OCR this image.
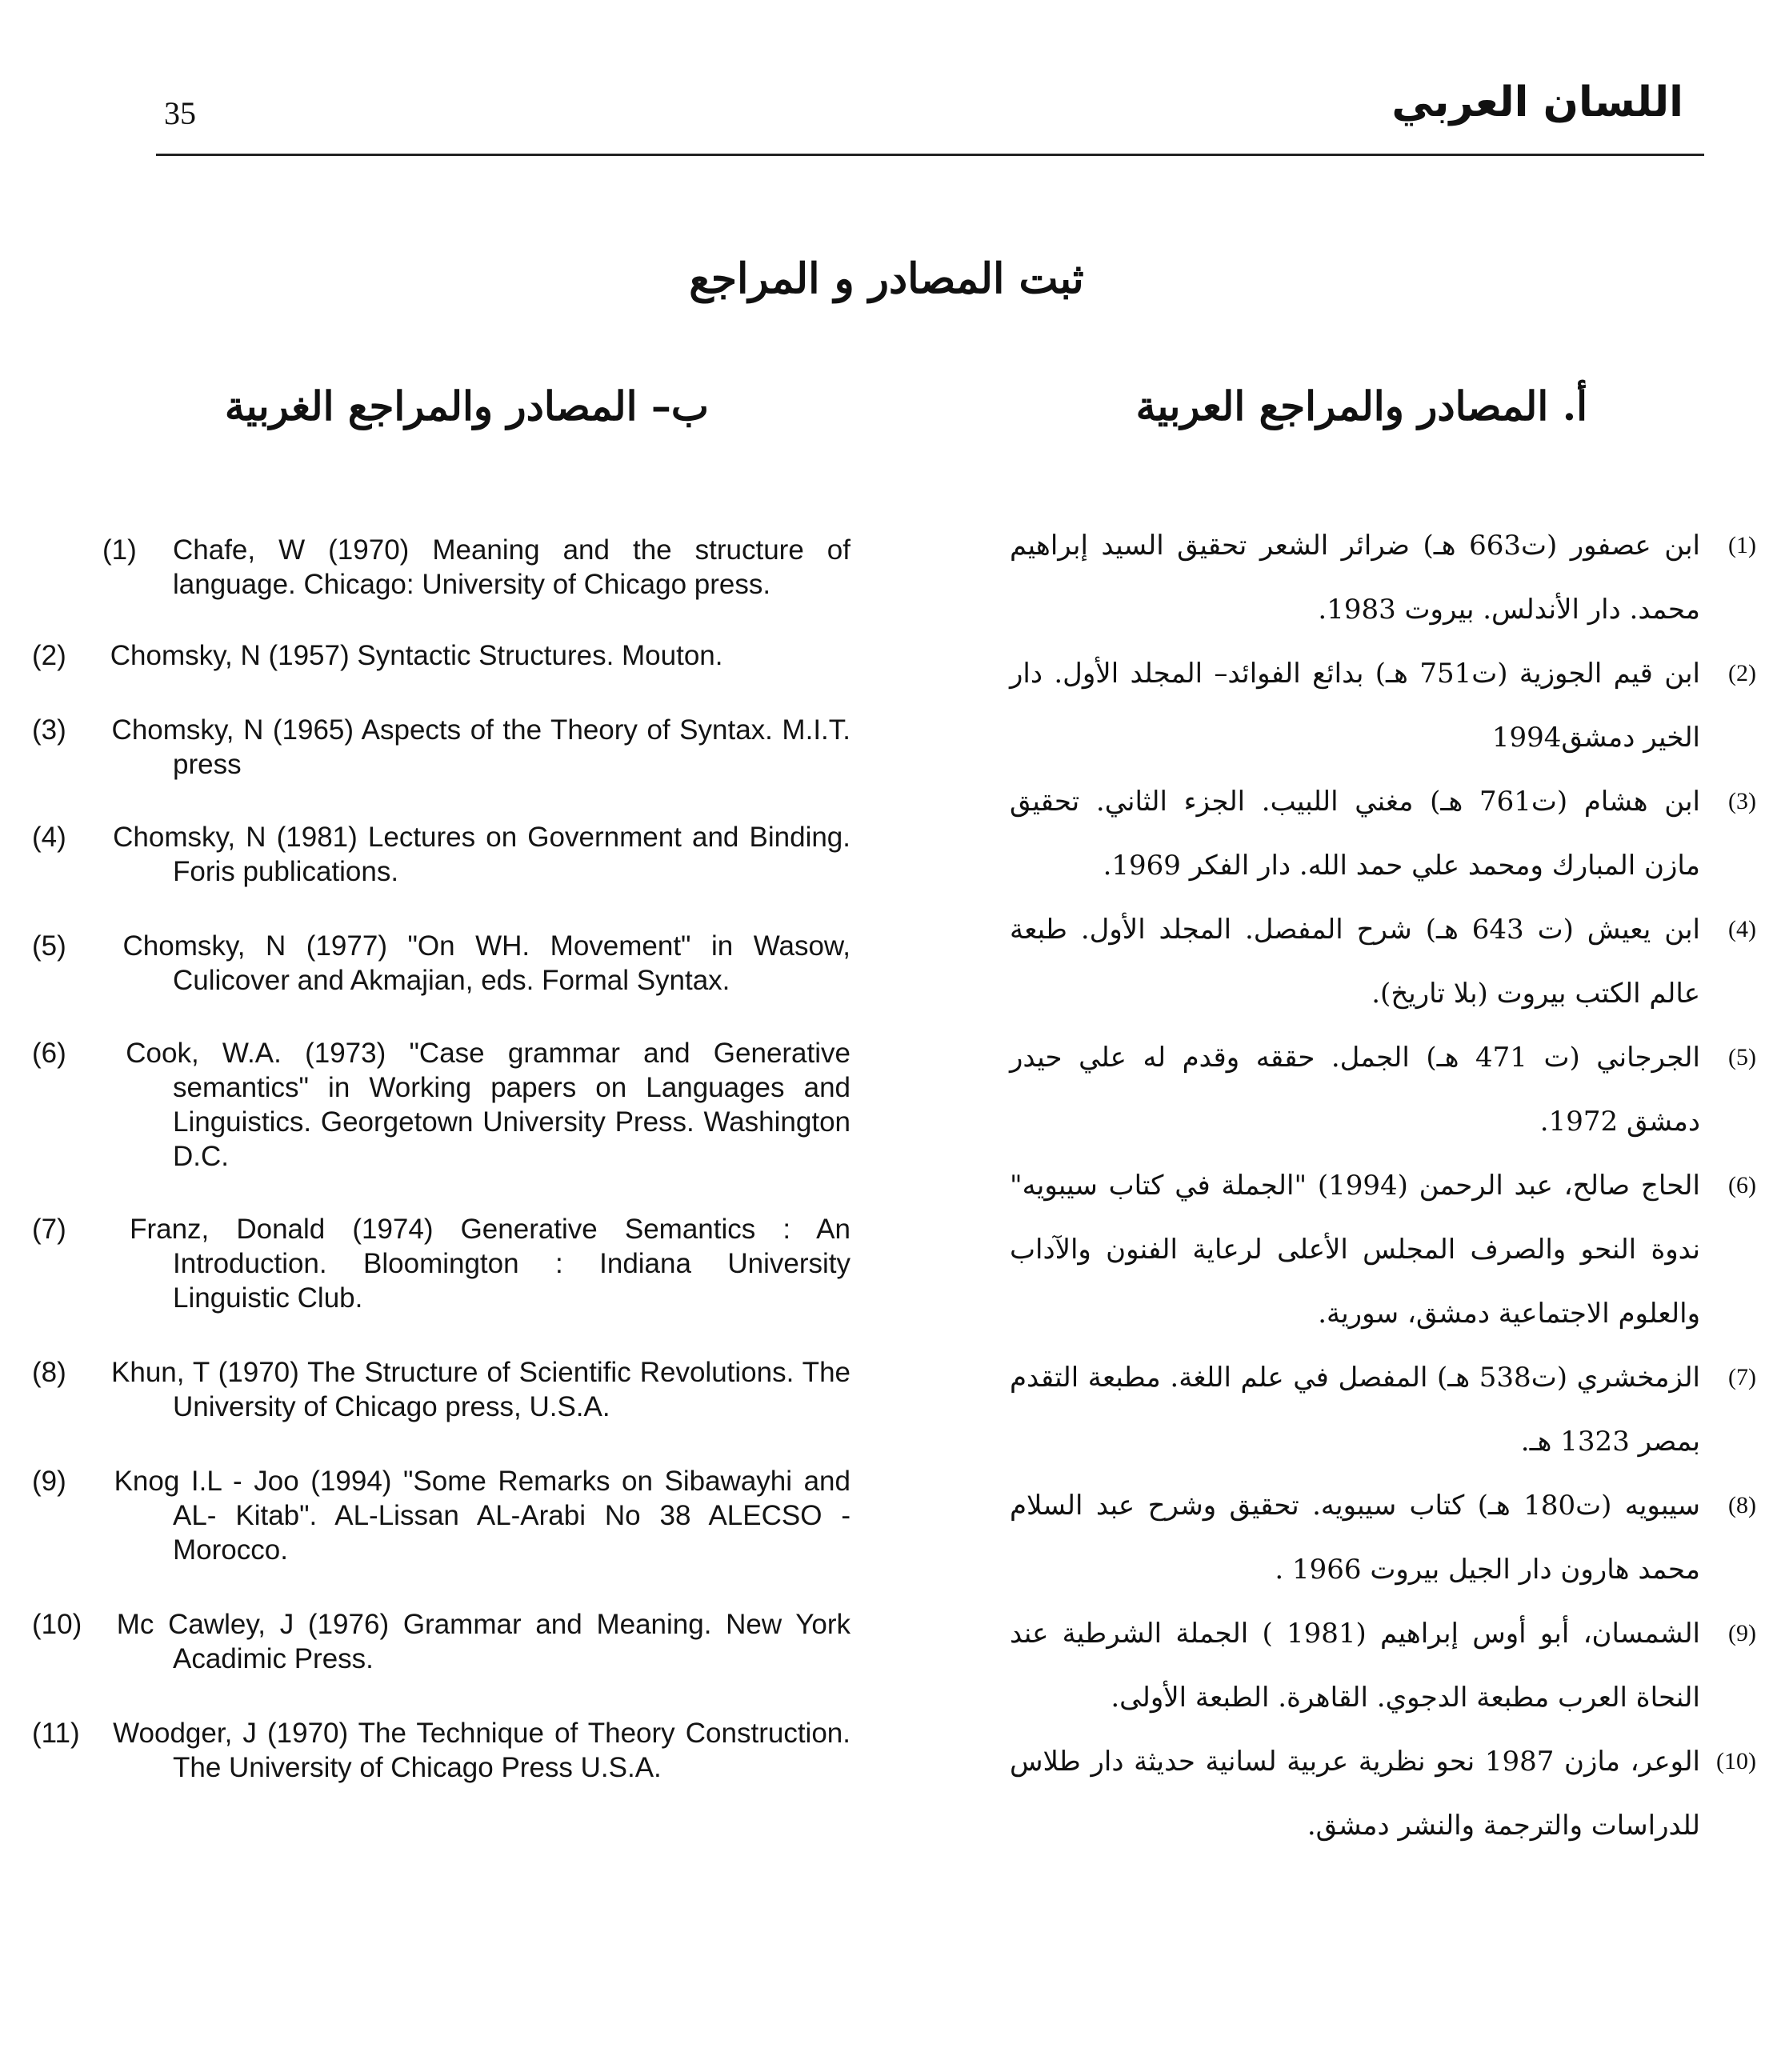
35	اللسان العربي
ثبت المصادر و المراجع
أ. المصادر والمراجع العربية
ب– المصادر والمراجع الغربية

(1) Chafe, W (1970) Meaning and the structure of language. Chicago: University of Chicago press.

(2) Chomsky, N (1957) Syntactic Structures. Mouton.

(3) Chomsky, N (1965) Aspects of the Theory of Syntax. M.I.T. press

(4) Chomsky, N (1981) Lectures on Government and Binding. Foris publications.

(5) Chomsky, N (1977) "On WH. Movement" in Wasow, Culicover and Akmajian, eds. Formal Syntax.

(6) Cook, W.A. (1973) "Case grammar and Generative semantics" in Working papers on Languages and Linguistics. Georgetown University Press. Washington D.C.

(7) Franz, Donald (1974) Generative Semantics : An Introduction. Bloomington : Indiana University Linguistic Club.

(8) Khun, T (1970) The Structure of Scientific Revolutions. The University of Chicago press, U.S.A.

(9) Knog I.L - Joo (1994) "Some Remarks on Sibawayhi and AL- Kitab". AL-Lissan AL-Arabi No 38 ALECSO - Morocco.

(10) Mc Cawley, J (1976) Grammar and Meaning. New York Acadimic Press.

(11) Woodger, J (1970) The Technique of Theory Construction. The University of Chicago Press U.S.A.

(1)
ابن عصفور (ت663 هـ) ضرائر الشعر تحقيق السيد إبراهيم محمد. دار الأندلس. بيروت 1983.

(2)
ابن قيم الجوزية (ت751 هـ) بدائع الفوائد– المجلد الأول. دار الخير دمشق1994

(3)
ابن هشام (ت761 هـ) مغني اللبيب. الجزء الثاني. تحقيق مازن المبارك ومحمد علي حمد الله. دار الفكر 1969.

(4)
ابن يعيش (ت 643 هـ) شرح المفصل. المجلد الأول. طبعة عالم الكتب بيروت (بلا تاريخ).

(5)
الجرجاني (ت 471 هـ) الجمل. حققه وقدم له علي حيدر دمشق 1972.

(6)
الحاج صالح، عبد الرحمن (1994) "الجملة في كتاب سيبويه" ندوة النحو والصرف المجلس الأعلى لرعاية الفنون والآداب والعلوم الاجتماعية دمشق، سورية.

(7)
الزمخشري (ت538 هـ) المفصل في علم اللغة. مطبعة التقدم بمصر 1323 هـ.

(8)
سيبويه (ت180 هـ) كتاب سيبويه. تحقيق وشرح عبد السلام محمد هارون دار الجيل بيروت 1966 .

(9)
الشمسان، أبو أوس إبراهيم (1981 ) الجملة الشرطية عند النحاة العرب مطبعة الدجوي. القاهرة. الطبعة الأولى.

(10)
الوعر، مازن 1987 نحو نظرية عربية لسانية حديثة دار طلاس للدراسات والترجمة والنشر دمشق.
